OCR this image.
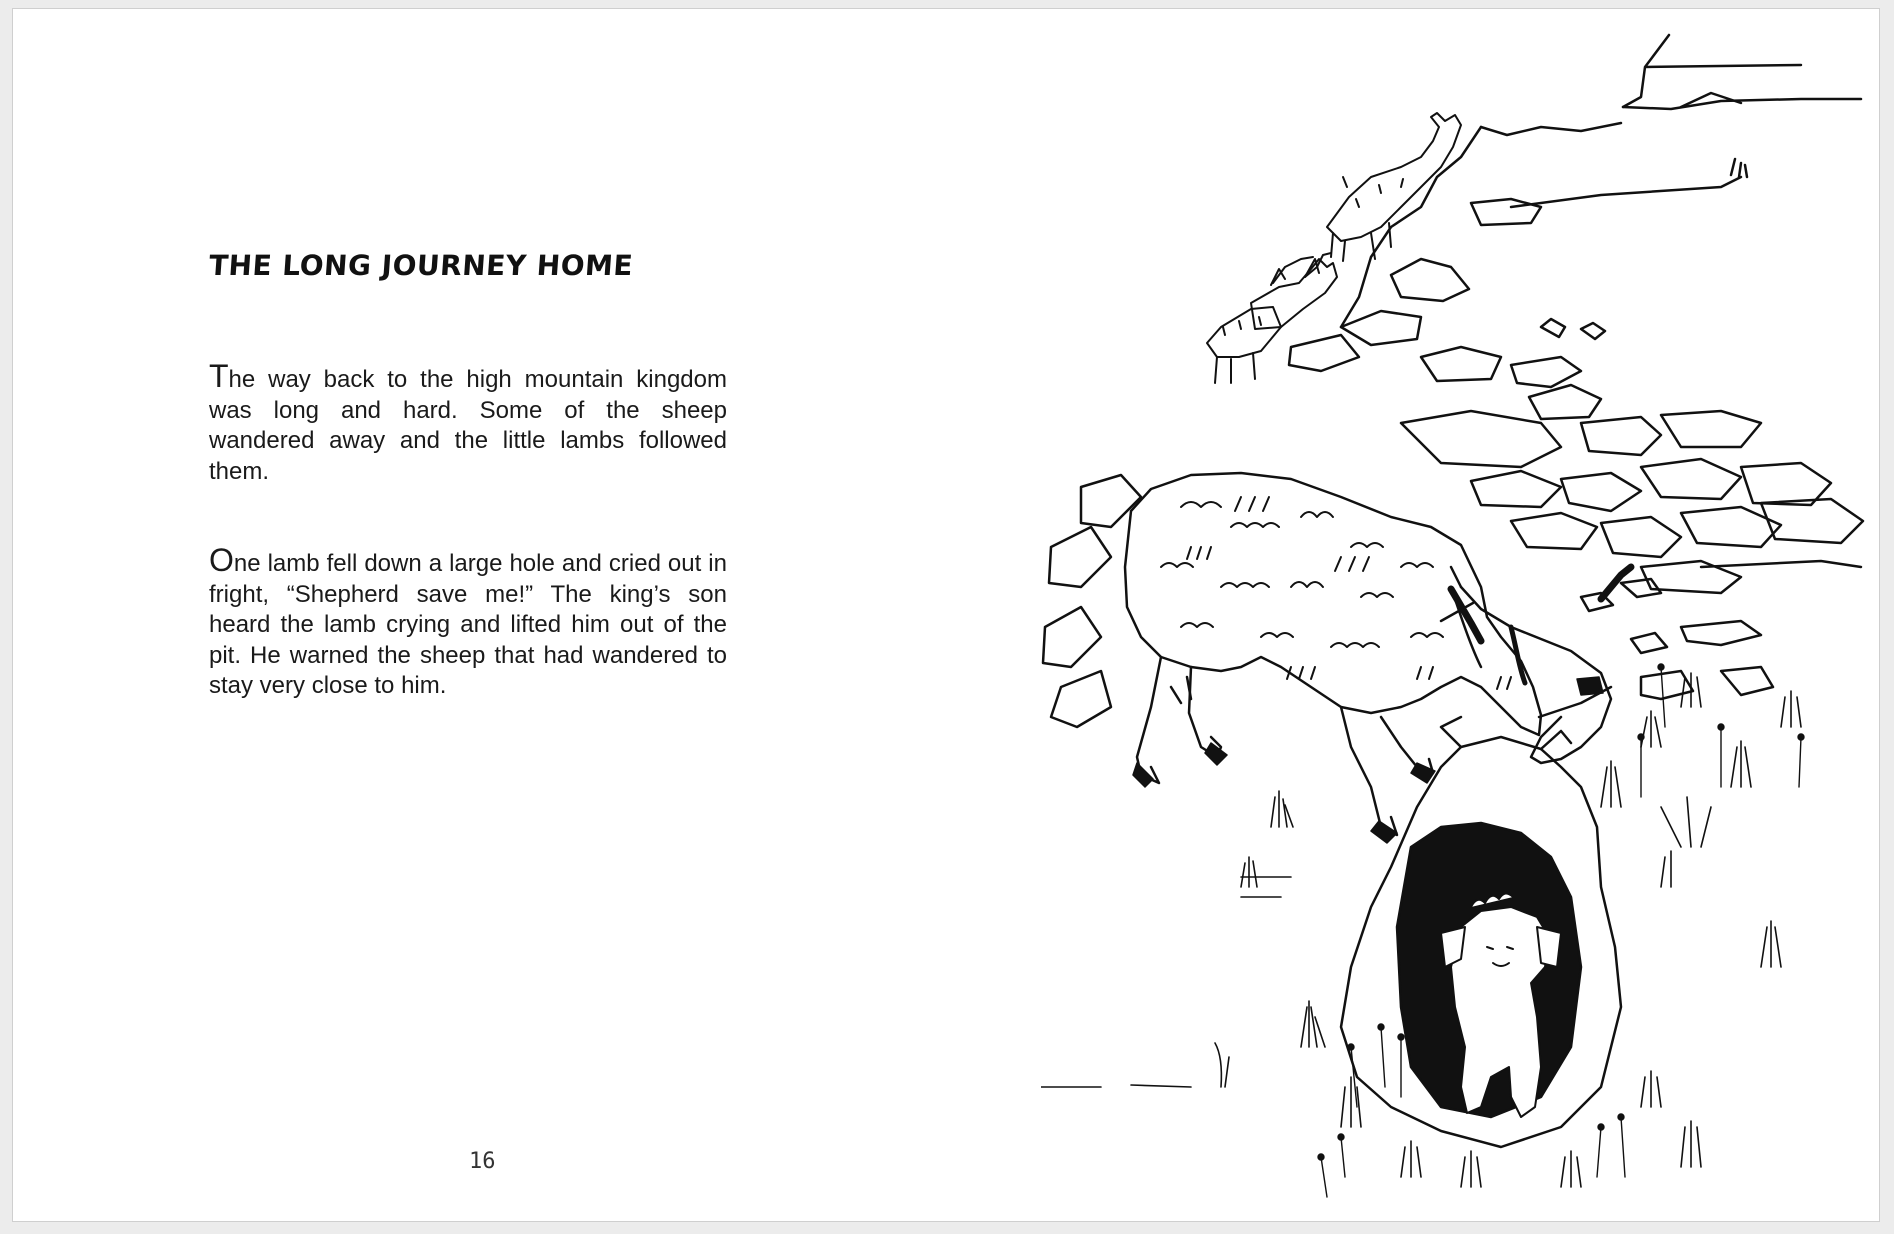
THE LONG JOURNEY HOME

The way back to the high mountain kingdom was long and hard. Some of the sheep wandered away and the little lambs followed them.

One lamb fell down a large hole and cried out in fright, “Shepherd save me!” The king’s son heard the lamb crying and lifted him out of the pit. He warned the sheep that had wandered to stay very close to him.

16
